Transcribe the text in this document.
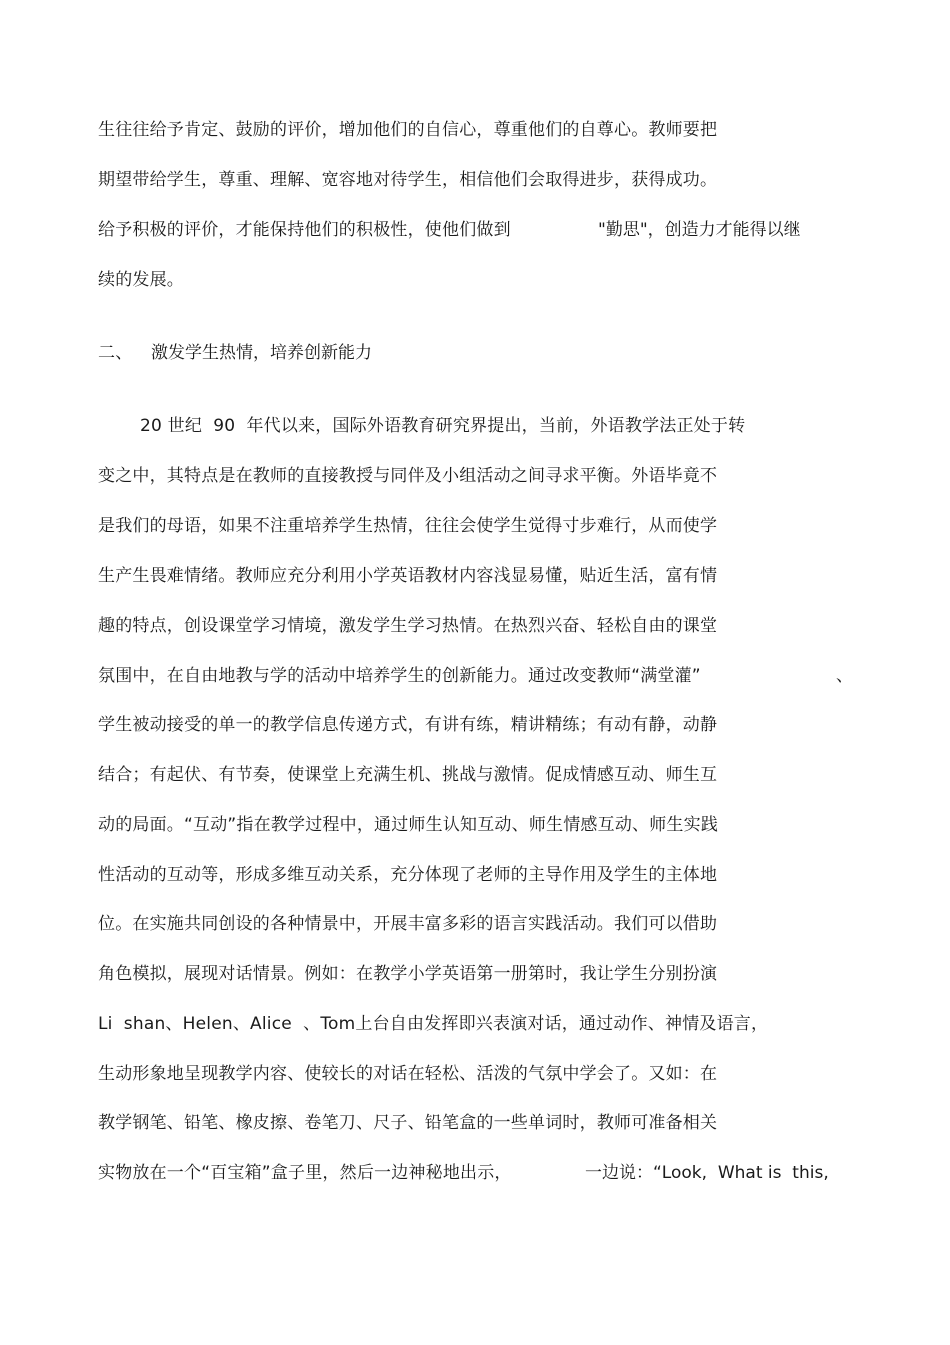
生往往给予肯定、鼓励的评价，增加他们的自信心，尊重他们的自尊心。教师要把
期望带给学生，尊重、理解、宽容地对待学生，相信他们会取得进步，获得成功。
给予积极的评价，才能保持他们的积极性，使他们做到	"勤思"，创造力才能得以继
续的发展。
二、 激发学生热情，培养创新能力
20 世纪  90  年代以来，国际外语教育研究界提出，当前，外语教学法正处于转
变之中，其特点是在教师的直接教授与同伴及小组活动之间寻求平衡。外语毕竟不
是我们的母语，如果不注重培养学生热情，往往会使学生觉得寸步难行，从而使学
生产生畏难情绪。教师应充分利用小学英语教材内容浅显易懂，贴近生活，富有情
趣的特点，创设课堂学习情境，激发学生学习热情。在热烈兴奋、轻松自由的课堂
氛围中，在自由地教与学的活动中培养学生的创新能力。通过改变教师“满堂灌”	、
学生被动接受的单一的教学信息传递方式，有讲有练，精讲精练；有动有静，动静
结合；有起伏、有节奏，使课堂上充满生机、挑战与激情。促成情感互动、师生互
动的局面。“互动”指在教学过程中，通过师生认知互动、师生情感互动、师生实践
性活动的互动等，形成多维互动关系，充分体现了老师的主导作用及学生的主体地
位。在实施共同创设的各种情景中，开展丰富多彩的语言实践活动。我们可以借助
角色模拟，展现对话情景。例如：在教学小学英语第一册第时，我让学生分别扮演
Li  shan、Helen、Alice  、Tom上台自由发挥即兴表演对话，通过动作、神情及语言，
生动形象地呈现教学内容、使较长的对话在轻松、活泼的气氛中学会了。又如：在
教学钢笔、铅笔、橡皮擦、卷笔刀、尺子、铅笔盒的一些单词时，教师可准备相关
实物放在一个“百宝箱”盒子里，然后一边神秘地出示，	一边说：“Look,  What is  this,
